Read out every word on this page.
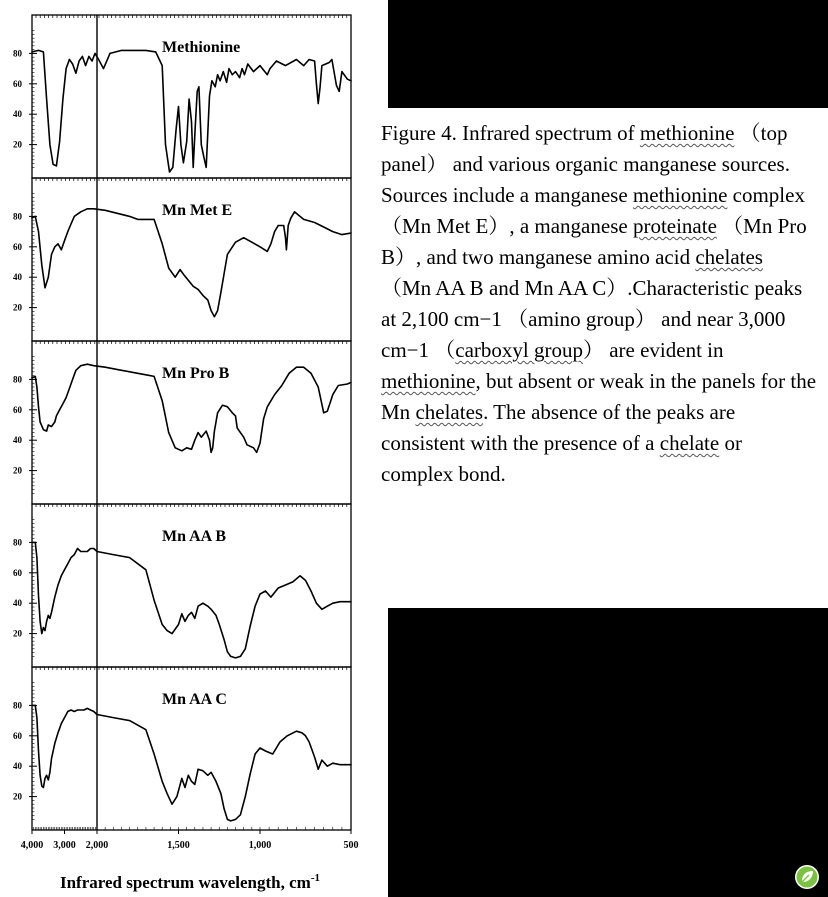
20
40
60
80	Methionine
20
40
60
80	Mn Met E
20
40
60
80	Mn Pro B
20
40
60
80	Mn AA B
20
40
60
80	Mn AA C
4,000 3,000 2,000	1,500	1,000	500
Infrared spectrum wavelength, $cm^{-1}$
Figure 4. Infrared spectrum of methionine （top panel） and various organic manganese sources. Sources include a manganese methionine complex （Mn Met E）, a manganese proteinate （Mn Pro B）, and two manganese amino acid chelates （Mn AA B and Mn AA C）.Characteristic peaks at 2,100 cm−1 （amino group） and near 3,000 cm−1 （carboxyl group） are evident in methionine, but absent or weak in the panels for the Mn chelates. The absence of the peaks are consistent with the presence of a chelate or complex bond.
